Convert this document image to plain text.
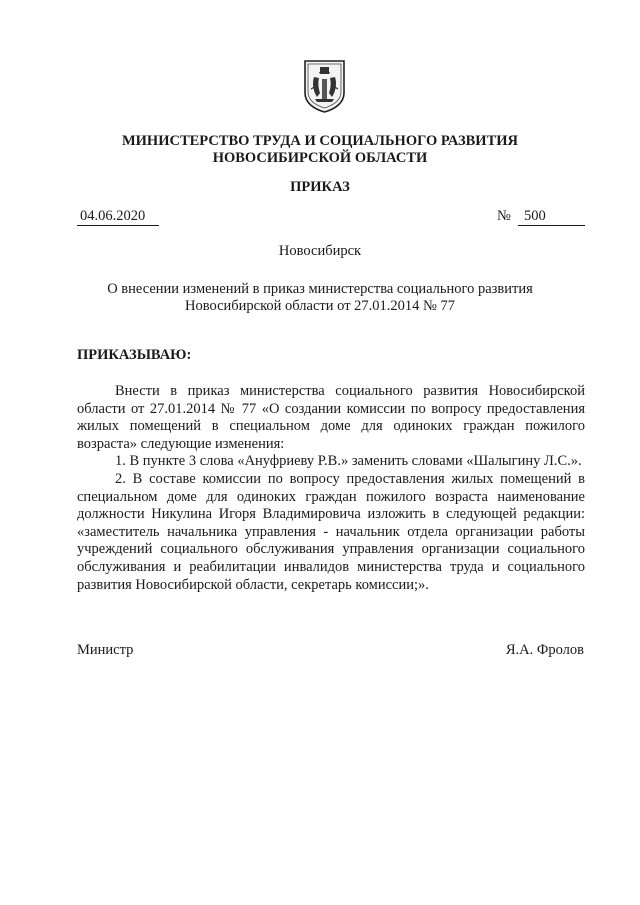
МИНИСТЕРСТВО ТРУДА И СОЦИАЛЬНОГО РАЗВИТИЯ
НОВОСИБИРСКОЙ ОБЛАСТИ
ПРИКАЗ
04.06.2020	№ 500
Новосибирск
О внесении изменений в приказ министерства социального развития
Новосибирской области от 27.01.2014 № 77
ПРИКАЗЫВАЮ:

Внести в приказ министерства социального развития Новосибирской области от 27.01.2014 № 77 «О создании комиссии по вопросу предоставления жилых помещений в специальном доме для одиноких граждан пожилого возраста» следующие изменения:

1. В пункте 3 слова «Ануфриеву Р.В.» заменить словами «Шалыгину Л.С.».

2. В составе комиссии по вопросу предоставления жилых помещений в специальном доме для одиноких граждан пожилого возраста наименование должности Никулина Игоря Владимировича изложить в следующей редакции: «заместитель начальника управления - начальник отдела организации работы учреждений социального обслуживания управления организации социального обслуживания и реабилитации инвалидов министерства труда и социального развития Новосибирской области, секретарь комиссии;».

Министр	Я.А. Фролов
